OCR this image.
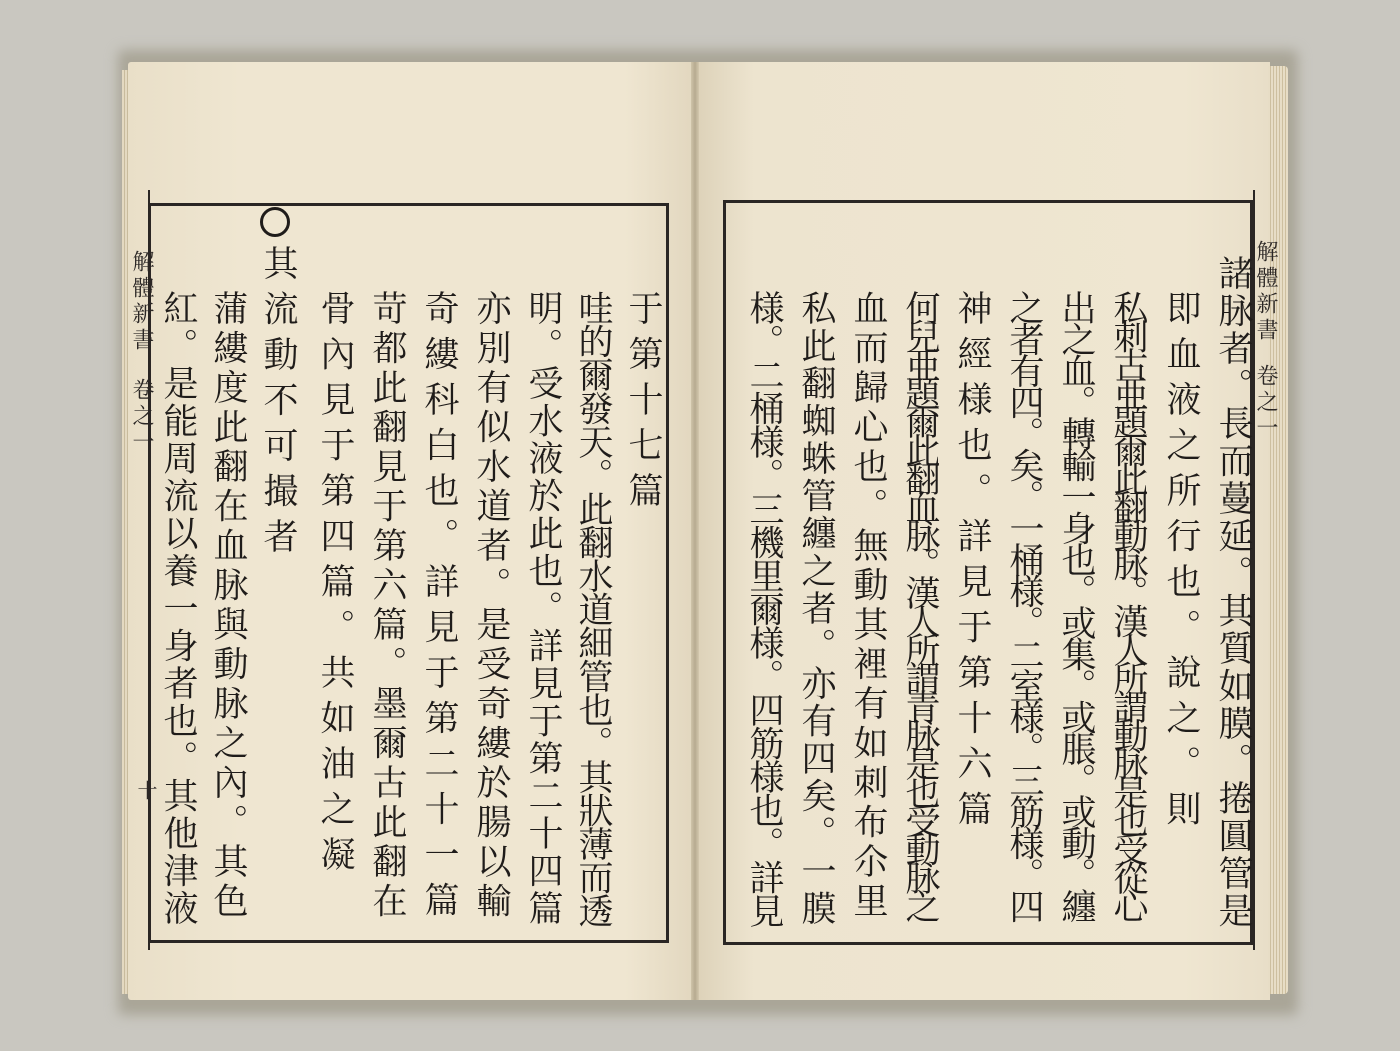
解體新書卷之一
十
解體新書卷之一
于第十七篇
哇的爾發天。此翻水道細管也。其狀薄而透
明。受水液於此也。詳見于第二十四篇
亦別有似水道者。是受奇縷於腸以輸
奇縷科白也。詳見于第二十一篇
苛都此翻見于第六篇。墨爾古此翻在
骨內見于第四篇。共如油之凝
其流動不可撮者
蒲縷度此翻在血脉與動脉之內。其色
紅。是能周流以養一身者也。其他津液	諸脉者。長而蔓延。其質如膜。捲圓管是
即血液之所行也。說之。則
私刺古亜題爾此翻動脉。漢人所謂動脉是也受從心
出之血。轉輸一身也。或集。或脹。或動。纏
之者有四。矣。一桶様。二室様。三筋様。四
神經様也。詳見于第十六篇
何兒亜題爾此翻血脉。漢人所謂青脉是也受動脉之
血而歸心也。無動其裡有如刺布尒里
私此翻蜘蛛管纏之者。亦有四矣。一膜
様。二桶様。三機里爾様。四筋様也。詳見
